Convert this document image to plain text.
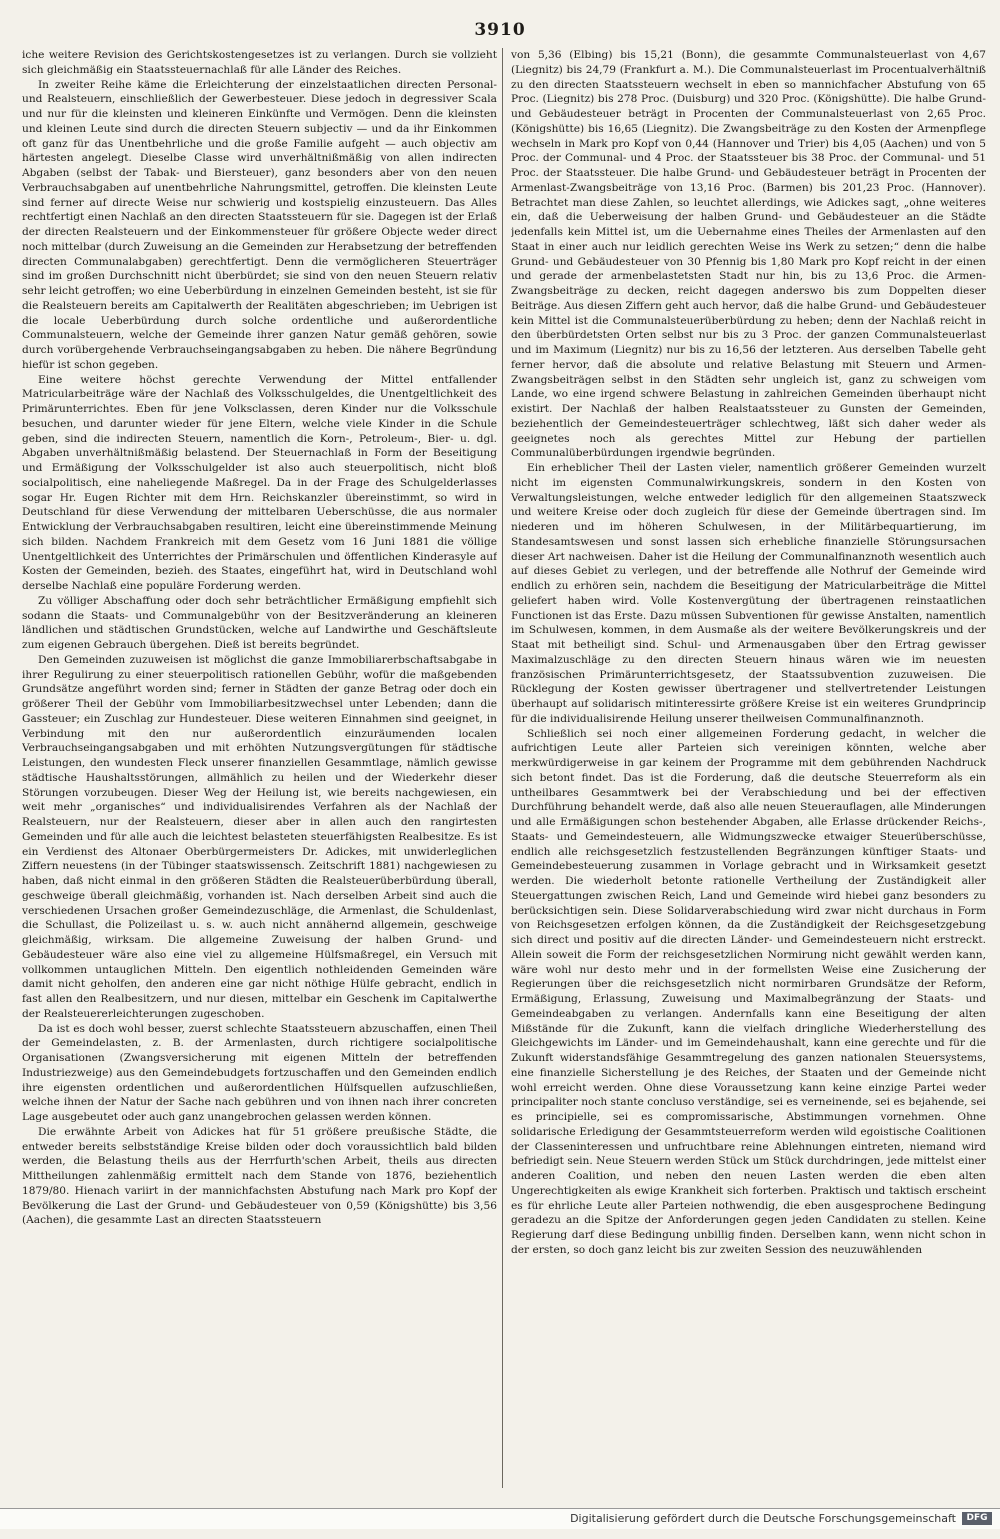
3910

iche weitere Revision des Gerichtskostengesetzes ist zu verlangen. Durch sie vollzieht sich gleichmäßig ein Staatssteuernachlaß für alle Länder des Reiches.

In zweiter Reihe käme die Erleichterung der einzelstaatlichen directen Personal- und Realsteuern, einschließlich der Gewerbesteuer. Diese jedoch in degressiver Scala und nur für die kleinsten und kleineren Einkünfte und Vermögen. Denn die kleinsten und kleinen Leute sind durch die directen Steuern subjectiv — und da ihr Einkommen oft ganz für das Unentbehrliche und die große Familie aufgeht — auch objectiv am härtesten angelegt. Dieselbe Classe wird unverhältnißmäßig von allen indirecten Abgaben (selbst der Tabak- und Biersteuer), ganz besonders aber von den neuen Verbrauchsabgaben auf unentbehrliche Nahrungsmittel, getroffen. Die kleinsten Leute sind ferner auf directe Weise nur schwierig und kostspielig einzusteuern. Das Alles rechtfertigt einen Nachlaß an den directen Staatssteuern für sie. Dagegen ist der Erlaß der directen Realsteuern und der Einkommensteuer für größere Objecte weder direct noch mittelbar (durch Zuweisung an die Gemeinden zur Herabsetzung der betreffenden directen Communalabgaben) gerechtfertigt. Denn die vermöglicheren Steuerträger sind im großen Durchschnitt nicht überbürdet; sie sind von den neuen Steuern relativ sehr leicht getroffen; wo eine Ueberbürdung in einzelnen Gemeinden besteht, ist sie für die Realsteuern bereits am Capitalwerth der Realitäten abgeschrieben; im Uebrigen ist die locale Ueberbürdung durch solche ordentliche und außerordentliche Communalsteuern, welche der Gemeinde ihrer ganzen Natur gemäß gehören, sowie durch vorübergehende Verbrauchseingangsabgaben zu heben. Die nähere Begründung hiefür ist schon gegeben.

Eine weitere höchst gerechte Verwendung der Mittel entfallender Matricularbeiträge wäre der Nachlaß des Volksschulgeldes, die Unentgeltlichkeit des Primärunterrichtes. Eben für jene Volksclassen, deren Kinder nur die Volksschule besuchen, und darunter wieder für jene Eltern, welche viele Kinder in die Schule geben, sind die indirecten Steuern, namentlich die Korn-, Petroleum-, Bier- u. dgl. Abgaben unverhältnißmäßig belastend. Der Steuernachlaß in Form der Beseitigung und Ermäßigung der Volksschulgelder ist also auch steuerpolitisch, nicht bloß socialpolitisch, eine naheliegende Maßregel. Da in der Frage des Schulgelderlasses sogar Hr. Eugen Richter mit dem Hrn. Reichskanzler übereinstimmt, so wird in Deutschland für diese Verwendung der mittelbaren Ueberschüsse, die aus normaler Entwicklung der Verbrauchsabgaben resultiren, leicht eine übereinstimmende Meinung sich bilden. Nachdem Frankreich mit dem Gesetz vom 16 Juni 1881 die völlige Unentgeltlichkeit des Unterrichtes der Primärschulen und öffentlichen Kinderasyle auf Kosten der Gemeinden, bezieh. des Staates, eingeführt hat, wird in Deutschland wohl derselbe Nachlaß eine populäre Forderung werden.

Zu völliger Abschaffung oder doch sehr beträchtlicher Ermäßigung empfiehlt sich sodann die Staats- und Communalgebühr von der Besitzveränderung an kleineren ländlichen und städtischen Grundstücken, welche auf Landwirthe und Geschäftsleute zum eigenen Gebrauch übergehen. Dieß ist bereits begründet.

Den Gemeinden zuzuweisen ist möglichst die ganze Immobiliarerbschaftsabgabe in ihrer Regulirung zu einer steuerpolitisch rationellen Gebühr, wofür die maßgebenden Grundsätze angeführt worden sind; ferner in Städten der ganze Betrag oder doch ein größerer Theil der Gebühr vom Immobiliarbesitzwechsel unter Lebenden; dann die Gassteuer; ein Zuschlag zur Hundesteuer. Diese weiteren Einnahmen sind geeignet, in Verbindung mit den nur außerordentlich einzuräumenden localen Verbrauchseingangsabgaben und mit erhöhten Nutzungsvergütungen für städtische Leistungen, den wundesten Fleck unserer finanziellen Gesammtlage, nämlich gewisse städtische Haushaltsstörungen, allmählich zu heilen und der Wiederkehr dieser Störungen vorzubeugen. Dieser Weg der Heilung ist, wie bereits nachgewiesen, ein weit mehr „organisches“ und individualisirendes Verfahren als der Nachlaß der Realsteuern, nur der Realsteuern, dieser aber in allen auch den rangirtesten Gemeinden und für alle auch die leichtest belasteten steuerfähigsten Realbesitze. Es ist ein Verdienst des Altonaer Oberbürgermeisters Dr. Adickes, mit unwiderleglichen Ziffern neuestens (in der Tübinger staatswissensch. Zeitschrift 1881) nachgewiesen zu haben, daß nicht einmal in den größeren Städten die Realsteuerüberbürdung überall, geschweige überall gleichmäßig, vorhanden ist. Nach derselben Arbeit sind auch die verschiedenen Ursachen großer Gemeindezuschläge, die Armenlast, die Schuldenlast, die Schullast, die Polizeilast u. s. w. auch nicht annähernd allgemein, geschweige gleichmäßig, wirksam. Die allgemeine Zuweisung der halben Grund- und Gebäudesteuer wäre also eine viel zu allgemeine Hülfsmaßregel, ein Versuch mit vollkommen untauglichen Mitteln. Den eigentlich nothleidenden Gemeinden wäre damit nicht geholfen, den anderen eine gar nicht nöthige Hülfe gebracht, endlich in fast allen den Realbesitzern, und nur diesen, mittelbar ein Geschenk im Capitalwerthe der Realsteuererleichterungen zugeschoben.

Da ist es doch wohl besser, zuerst schlechte Staatssteuern abzuschaffen, einen Theil der Gemeindelasten, z. B. der Armenlasten, durch richtigere socialpolitische Organisationen (Zwangsversicherung mit eigenen Mitteln der betreffenden Industriezweige) aus den Gemeindebudgets fortzuschaffen und den Gemeinden endlich ihre eigensten ordentlichen und außerordentlichen Hülfsquellen aufzuschließen, welche ihnen der Natur der Sache nach gebühren und von ihnen nach ihrer concreten Lage ausgebeutet oder auch ganz unangebrochen gelassen werden können.

Die erwähnte Arbeit von Adickes hat für 51 größere preußische Städte, die entweder bereits selbstständige Kreise bilden oder doch voraussichtlich bald bilden werden, die Belastung theils aus der Herrfurth'schen Arbeit, theils aus directen Mittheilungen zahlenmäßig ermittelt nach dem Stande von 1876, beziehentlich 1879/80. Hienach variirt in der mannichfachsten Abstufung nach Mark pro Kopf der Bevölkerung die Last der Grund- und Gebäudesteuer von 0,59 (Königshütte) bis 3,56 (Aachen), die gesammte Last an directen Staatssteuern

von 5,36 (Elbing) bis 15,21 (Bonn), die gesammte Communalsteuerlast von 4,67 (Liegnitz) bis 24,79 (Frankfurt a. M.). Die Communalsteuerlast im Procentualverhältniß zu den directen Staatssteuern wechselt in eben so mannichfacher Abstufung von 65 Proc. (Liegnitz) bis 278 Proc. (Duisburg) und 320 Proc. (Königshütte). Die halbe Grund- und Gebäudesteuer beträgt in Procenten der Communalsteuerlast von 2,65 Proc. (Königshütte) bis 16,65 (Liegnitz). Die Zwangsbeiträge zu den Kosten der Armenpflege wechseln in Mark pro Kopf von 0,44 (Hannover und Trier) bis 4,05 (Aachen) und von 5 Proc. der Communal- und 4 Proc. der Staatssteuer bis 38 Proc. der Communal- und 51 Proc. der Staatssteuer. Die halbe Grund- und Gebäudesteuer beträgt in Procenten der Armenlast-Zwangsbeiträge von 13,16 Proc. (Barmen) bis 201,23 Proc. (Hannover). Betrachtet man diese Zahlen, so leuchtet allerdings, wie Adickes sagt, „ohne weiteres ein, daß die Ueberweisung der halben Grund- und Gebäudesteuer an die Städte jedenfalls kein Mittel ist, um die Uebernahme eines Theiles der Armenlasten auf den Staat in einer auch nur leidlich gerechten Weise ins Werk zu setzen;“ denn die halbe Grund- und Gebäudesteuer von 30 Pfennig bis 1,80 Mark pro Kopf reicht in der einen und gerade der armenbelastetsten Stadt nur hin, bis zu 13,6 Proc. die Armen-Zwangsbeiträge zu decken, reicht dagegen anderswo bis zum Doppelten dieser Beiträge. Aus diesen Ziffern geht auch hervor, daß die halbe Grund- und Gebäudesteuer kein Mittel ist die Communalsteuerüberbürdung zu heben; denn der Nachlaß reicht in den überbürdetsten Orten selbst nur bis zu 3 Proc. der ganzen Communalsteuerlast und im Maximum (Liegnitz) nur bis zu 16,56 der letzteren. Aus derselben Tabelle geht ferner hervor, daß die absolute und relative Belastung mit Steuern und Armen-Zwangsbeiträgen selbst in den Städten sehr ungleich ist, ganz zu schweigen vom Lande, wo eine irgend schwere Belastung in zahlreichen Gemeinden überhaupt nicht existirt. Der Nachlaß der halben Realstaatssteuer zu Gunsten der Gemeinden, beziehentlich der Gemeindesteuerträger schlechtweg, läßt sich daher weder als geeignetes noch als gerechtes Mittel zur Hebung der partiellen Communalüberbürdungen irgendwie begründen.

Ein erheblicher Theil der Lasten vieler, namentlich größerer Gemeinden wurzelt nicht im eigensten Communalwirkungskreis, sondern in den Kosten von Verwaltungsleistungen, welche entweder lediglich für den allgemeinen Staatszweck und weitere Kreise oder doch zugleich für diese der Gemeinde übertragen sind. Im niederen und im höheren Schulwesen, in der Militärbequartierung, im Standesamtswesen und sonst lassen sich erhebliche finanzielle Störungsursachen dieser Art nachweisen. Daher ist die Heilung der Communalfinanznoth wesentlich auch auf dieses Gebiet zu verlegen, und der betreffende alle Nothruf der Gemeinde wird endlich zu erhören sein, nachdem die Beseitigung der Matricularbeiträge die Mittel geliefert haben wird. Volle Kostenvergütung der übertragenen reinstaatlichen Functionen ist das Erste. Dazu müssen Subventionen für gewisse Anstalten, namentlich im Schulwesen, kommen, in dem Ausmaße als der weitere Bevölkerungskreis und der Staat mit betheiligt sind. Schul- und Armenausgaben über den Ertrag gewisser Maximalzuschläge zu den directen Steuern hinaus wären wie im neuesten französischen Primärunterrichtsgesetz, der Staatssubvention zuzuweisen. Die Rücklegung der Kosten gewisser übertragener und stellvertretender Leistungen überhaupt auf solidarisch mitinteressirte größere Kreise ist ein weiteres Grundprincip für die individualisirende Heilung unserer theilweisen Communalfinanznoth.

Schließlich sei noch einer allgemeinen Forderung gedacht, in welcher die aufrichtigen Leute aller Parteien sich vereinigen könnten, welche aber merkwürdigerweise in gar keinem der Programme mit dem gebührenden Nachdruck sich betont findet. Das ist die Forderung, daß die deutsche Steuerreform als ein untheilbares Gesammtwerk bei der Verabschiedung und bei der effectiven Durchführung behandelt werde, daß also alle neuen Steuerauflagen, alle Minderungen und alle Ermäßigungen schon bestehender Abgaben, alle Erlasse drückender Reichs-, Staats- und Gemeindesteuern, alle Widmungszwecke etwaiger Steuerüberschüsse, endlich alle reichsgesetzlich festzustellenden Begränzungen künftiger Staats- und Gemeindebesteuerung zusammen in Vorlage gebracht und in Wirksamkeit gesetzt werden. Die wiederholt betonte rationelle Vertheilung der Zuständigkeit aller Steuergattungen zwischen Reich, Land und Gemeinde wird hiebei ganz besonders zu berücksichtigen sein. Diese Solidarverabschiedung wird zwar nicht durchaus in Form von Reichsgesetzen erfolgen können, da die Zuständigkeit der Reichsgesetzgebung sich direct und positiv auf die directen Länder- und Gemeindesteuern nicht erstreckt. Allein soweit die Form der reichsgesetzlichen Normirung nicht gewählt werden kann, wäre wohl nur desto mehr und in der formellsten Weise eine Zusicherung der Regierungen über die reichsgesetzlich nicht normirbaren Grundsätze der Reform, Ermäßigung, Erlassung, Zuweisung und Maximalbegränzung der Staats- und Gemeindeabgaben zu verlangen. Andernfalls kann eine Beseitigung der alten Mißstände für die Zukunft, kann die vielfach dringliche Wiederherstellung des Gleichgewichts im Länder- und im Gemeindehaushalt, kann eine gerechte und für die Zukunft widerstandsfähige Gesammtregelung des ganzen nationalen Steuersystems, eine finanzielle Sicherstellung je des Reiches, der Staaten und der Gemeinde nicht wohl erreicht werden. Ohne diese Voraussetzung kann keine einzige Partei weder principaliter noch stante concluso verständige, sei es verneinende, sei es bejahende, sei es principielle, sei es compromissarische, Abstimmungen vornehmen. Ohne solidarische Erledigung der Gesammtsteuerreform werden wild egoistische Coalitionen der Classeninteressen und unfruchtbare reine Ablehnungen eintreten, niemand wird befriedigt sein. Neue Steuern werden Stück um Stück durchdringen, jede mittelst einer anderen Coalition, und neben den neuen Lasten werden die eben alten Ungerechtigkeiten als ewige Krankheit sich forterben. Praktisch und taktisch erscheint es für ehrliche Leute aller Parteien nothwendig, die eben ausgesprochene Bedingung geradezu an die Spitze der Anforderungen gegen jeden Candidaten zu stellen. Keine Regierung darf diese Bedingung unbillig finden. Derselben kann, wenn nicht schon in der ersten, so doch ganz leicht bis zur zweiten Session des neuzuwählenden

Digitalisierung gefördert durch die Deutsche Forschungsgemeinschaft	DFG
